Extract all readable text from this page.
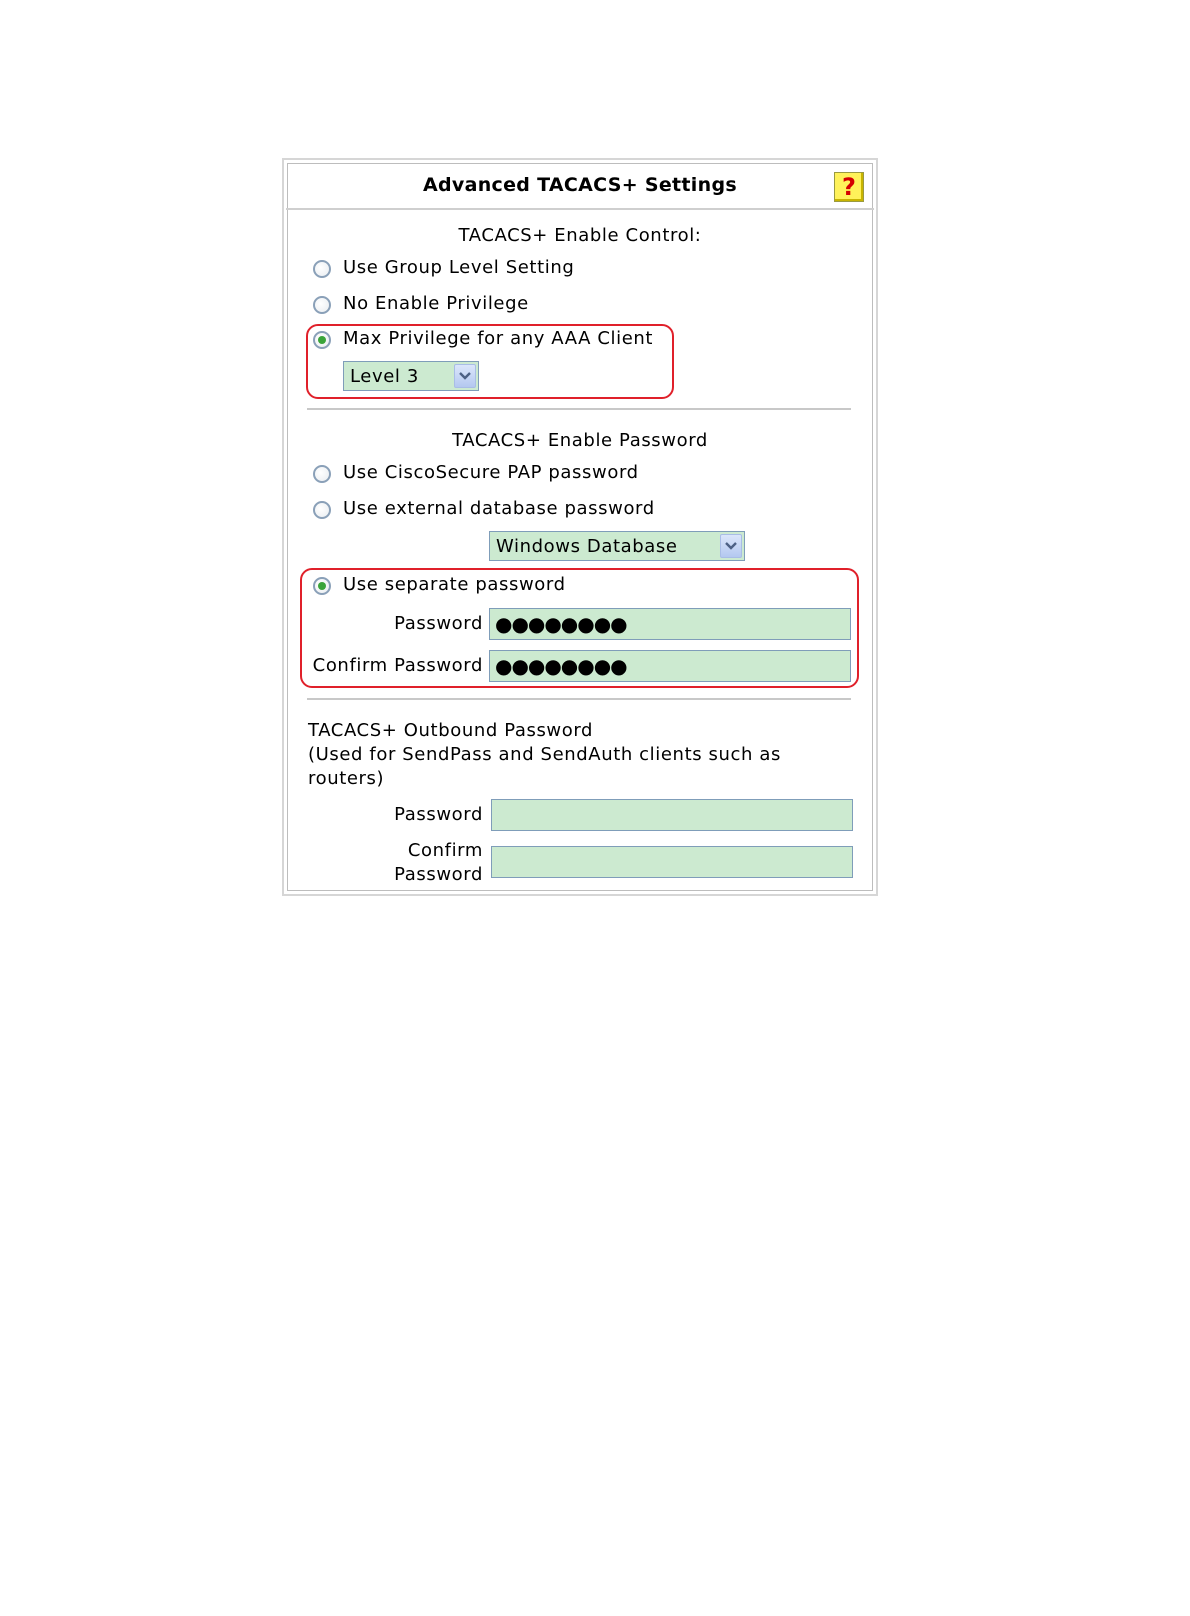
Advanced TACACS+ Settings	?
TACACS+ Enable Control:
Use Group Level Setting
No Enable Privilege
Max Privilege for any AAA Client
Level 3
TACACS+ Enable Password
Use CiscoSecure PAP password
Use external database password
Windows Database
Use separate password
Password ●●●●●●●●
Confirm Password ●●●●●●●●
TACACS+ Outbound Password
(Used for SendPass and SendAuth clients such as
routers)
Password
Confirm
Password
